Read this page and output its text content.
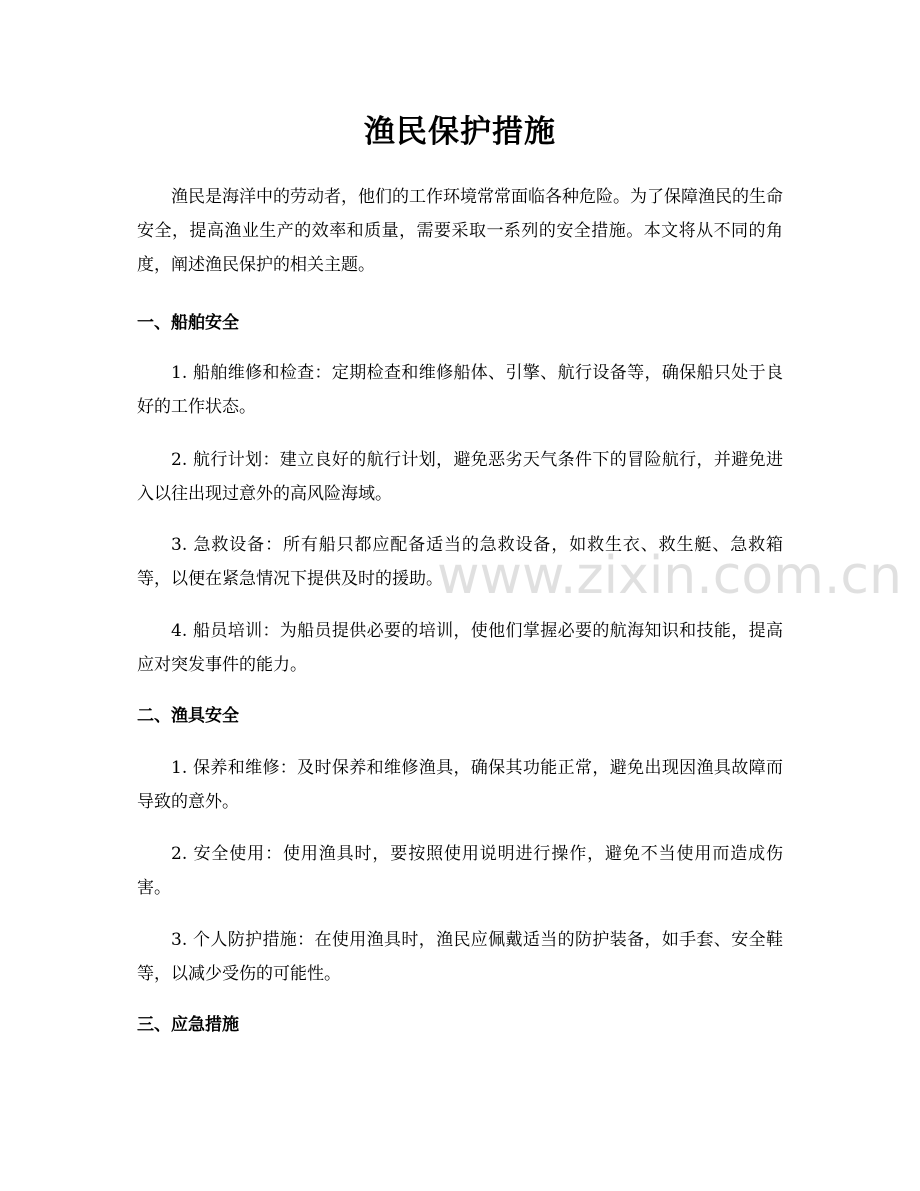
渔民保护措施

渔民是海洋中的劳动者，他们的工作环境常常面临各种危险。为了保障渔民的生命安全，提高渔业生产的效率和质量，需要采取一系列的安全措施。本文将从不同的角度，阐述渔民保护的相关主题。

一、船舶安全

1. 船舶维修和检查：定期检查和维修船体、引擎、航行设备等，确保船只处于良好的工作状态。

2. 航行计划：建立良好的航行计划，避免恶劣天气条件下的冒险航行，并避免进入以往出现过意外的高风险海域。

3. 急救设备：所有船只都应配备适当的急救设备，如救生衣、救生艇、急救箱等，以便在紧急情况下提供及时的援助。

4. 船员培训：为船员提供必要的培训，使他们掌握必要的航海知识和技能，提高应对突发事件的能力。

二、渔具安全

1. 保养和维修：及时保养和维修渔具，确保其功能正常，避免出现因渔具故障而导致的意外。

2. 安全使用：使用渔具时，要按照使用说明进行操作，避免不当使用而造成伤害。

3. 个人防护措施：在使用渔具时，渔民应佩戴适当的防护装备，如手套、安全鞋等，以减少受伤的可能性。

三、应急措施
www.zixin.com.cn
